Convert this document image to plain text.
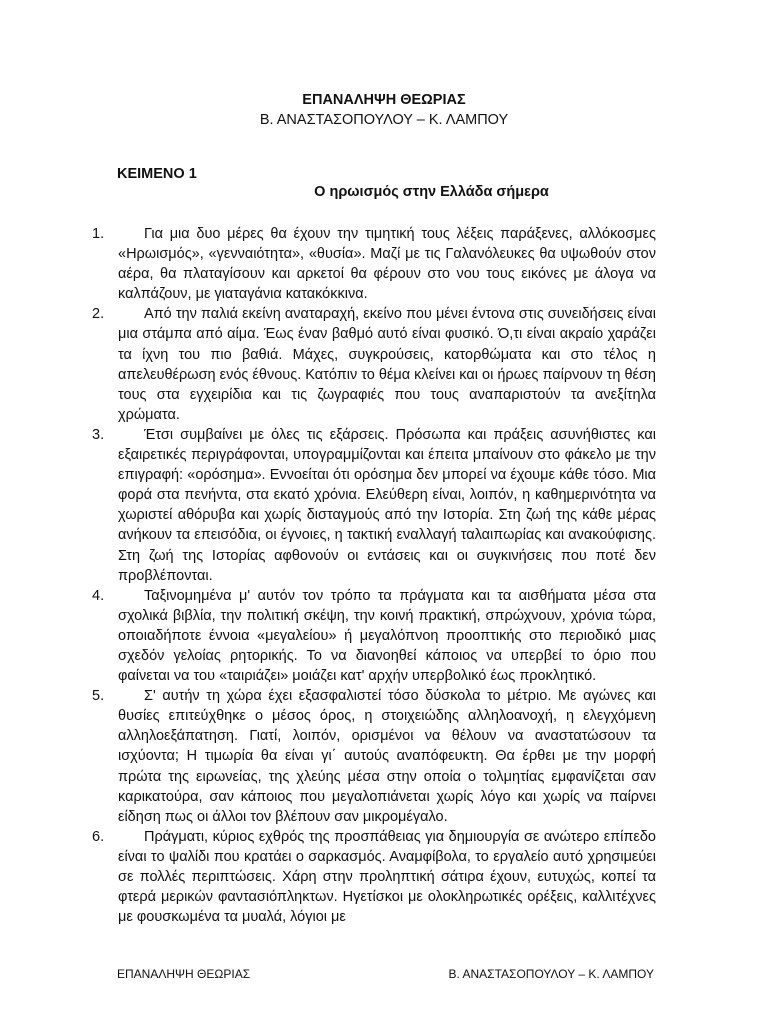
ΕΠΑΝΑΛΗΨΗ ΘΕΩΡΙΑΣ
Β. ΑΝΑΣΤΑΣΟΠΟΥΛΟΥ – Κ. ΛΑΜΠΟΥ
ΚΕΙΜΕΝΟ 1
Ο ηρωισμός στην Ελλάδα σήμερα
1.	Για μια δυο μέρες θα έχουν την τιμητική τους λέξεις παράξενες, αλλόκοσμες «Ηρωισμός», «γενναιότητα», «θυσία». Μαζί με τις Γαλανόλευκες θα υψωθούν στον αέρα, θα πλαταγίσουν και αρκετοί θα φέρουν στο νου τους εικόνες με άλογα να καλπάζουν, με γιαταγάνια κατακόκκινα.
2.	Από την παλιά εκείνη αναταραχή, εκείνο που μένει έντονα στις συνειδήσεις είναι μια στάμπα από αίμα. Έως έναν βαθμό αυτό είναι φυσικό. Ό,τι είναι ακραίο χαράζει τα ίχνη του πιο βαθιά. Μάχες, συγκρούσεις, κατορθώματα και στο τέλος η απελευθέρωση ενός έθνους. Κατόπιν το θέμα κλείνει και οι ήρωες παίρνουν τη θέση τους στα εγχειρίδια και τις ζωγραφιές που τους αναπαριστούν τα ανεξίτηλα χρώματα.
3.	Έτσι συμβαίνει με όλες τις εξάρσεις. Πρόσωπα και πράξεις ασυνήθιστες και εξαιρετικές περιγράφονται, υπογραμμίζονται και έπειτα μπαίνουν στο φάκελο με την επιγραφή: «ορόσημα». Εννοείται ότι ορόσημα δεν μπορεί να έχουμε κάθε τόσο. Μια φορά στα πενήντα, στα εκατό χρόνια. Ελεύθερη είναι, λοιπόν, η καθημερινότητα να χωριστεί αθόρυβα και χωρίς δισταγμούς από την Ιστορία. Στη ζωή της κάθε μέρας ανήκουν τα επεισόδια, οι έγνοιες, η τακτική εναλλαγή ταλαιπωρίας και ανακούφισης. Στη ζωή της Ιστορίας αφθονούν οι εντάσεις και οι συγκινήσεις που ποτέ δεν προβλέπονται.
4.	Ταξινομημένα μ' αυτόν τον τρόπο τα πράγματα και τα αισθήματα μέσα στα σχολικά βιβλία, την πολιτική σκέψη, την κοινή πρακτική, σπρώχνουν, χρόνια τώρα, οποιαδήποτε έννοια «μεγαλείου» ή μεγαλόπνοη προοπτικής στο περιοδικό μιας σχεδόν γελοίας ρητορικής. Το να διανοηθεί κάποιος να υπερβεί το όριο που φαίνεται να του «ταιριάζει» μοιάζει κατ' αρχήν υπερβολικό έως προκλητικό.
5.	Σ' αυτήν τη χώρα έχει εξασφαλιστεί τόσο δύσκολα το μέτριο. Με αγώνες και θυσίες επιτεύχθηκε ο μέσος όρος, η στοιχειώδης αλληλοανοχή, η ελεγχόμενη αλληλοεξάπατηση. Γιατί, λοιπόν, ορισμένοι να θέλουν να αναστατώσουν τα ισχύοντα; Η τιμωρία θα είναι γι΄ αυτούς αναπόφευκτη. Θα έρθει με την μορφή πρώτα της ειρωνείας, της χλεύης μέσα στην οποία ο τολμητίας εμφανίζεται σαν καρικατούρα, σαν κάποιος που μεγαλοπιάνεται χωρίς λόγο και χωρίς να παίρνει είδηση πως οι άλλοι τον βλέπουν σαν μικρομέγαλο.
6.	Πράγματι, κύριος εχθρός της προσπάθειας για δημιουργία σε ανώτερο επίπεδο είναι το ψαλίδι που κρατάει ο σαρκασμός. Αναμφίβολα, το εργαλείο αυτό χρησιμεύει σε πολλές περιπτώσεις. Χάρη στην προληπτική σάτιρα έχουν, ευτυχώς, κοπεί τα φτερά μερικών φαντασιόπληκτων. Ηγετίσκοι με ολοκληρωτικές ορέξεις, καλλιτέχνες με φουσκωμένα τα μυαλά, λόγιοι με
ΕΠΑΝΑΛΗΨΗ ΘΕΩΡΙΑΣ	Β. ΑΝΑΣΤΑΣΟΠΟΥΛΟΥ – Κ. ΛΑΜΠΟΥ
